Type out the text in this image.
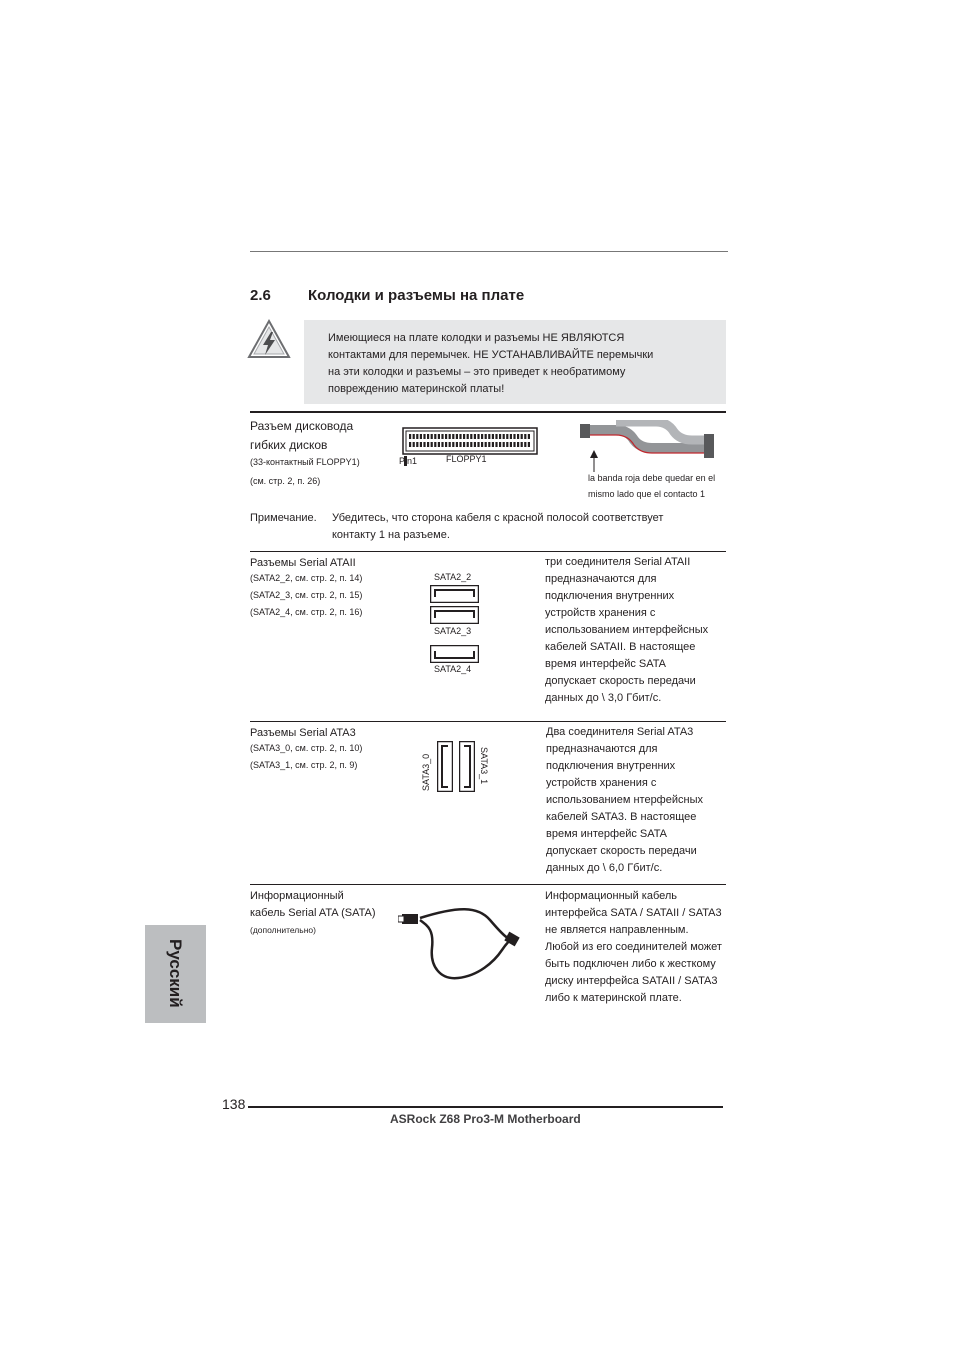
2.6 Колодки и разъемы на плате
Имеющиеся на плате колодки и разъемы НЕ ЯВЛЯЮТСЯ
контактами для перемычек. НЕ УСТАНАВЛИВАЙТЕ перемычки
на эти колодки и разъемы – это приведет к необратимому
повреждению материнской платы!
Разъем дисковода
гибких дисков
(33-контактный FLOPPY1)
(см. стр. 2, п. 26)
Pin1	FLOPPY1
la banda roja debe quedar en el
mismo lado que el contacto 1
Примечание. Убедитесь, что сторона кабеля с красной полосой соответствует
контакту 1 на разъеме.
Разъемы Serial ATAII
(SATA2_2, см. стр. 2, п. 14)
(SATA2_3, см. стр. 2, п. 15)
(SATA2_4, см. стр. 2, п. 16)
SATA2_2
SATA2_3
SATA2_4
три соединителя Serial ATAII
предназначаются для
подключения внутренних
устройств хранения с
использованием интерфейсных
кабелей SATAII. В настоящее
время интерфейс SATA
допускает скорость передачи
данных до \ 3,0 Гбит/с.
Разъемы Serial ATA3
(SATA3_0, см. стр. 2, п. 10)
(SATA3_1, см. стр. 2, п. 9)	SATA3_0	SATA3_1
Два соединителя Serial ATA3
предназначаются для
подключения внутренних
устройств хранения с
использованием нтерфейсных
кабелей SATA3. В настоящее
время интерфейс SATA
допускает скорость передачи
данных до \ 6,0 Гбит/с.
Информационный
кабель Serial ATA (SATA)
(дополнительно)
Информационный кабель
интерфейса SATA / SATAII / SATA3
не является направленным.
Любой из его соединителей может
быть подключен либо к жесткому
диску интерфейса SATAII / SATA3
либо к материнской плате.
Русский
138
ASRock Z68 Pro3-M Motherboard
